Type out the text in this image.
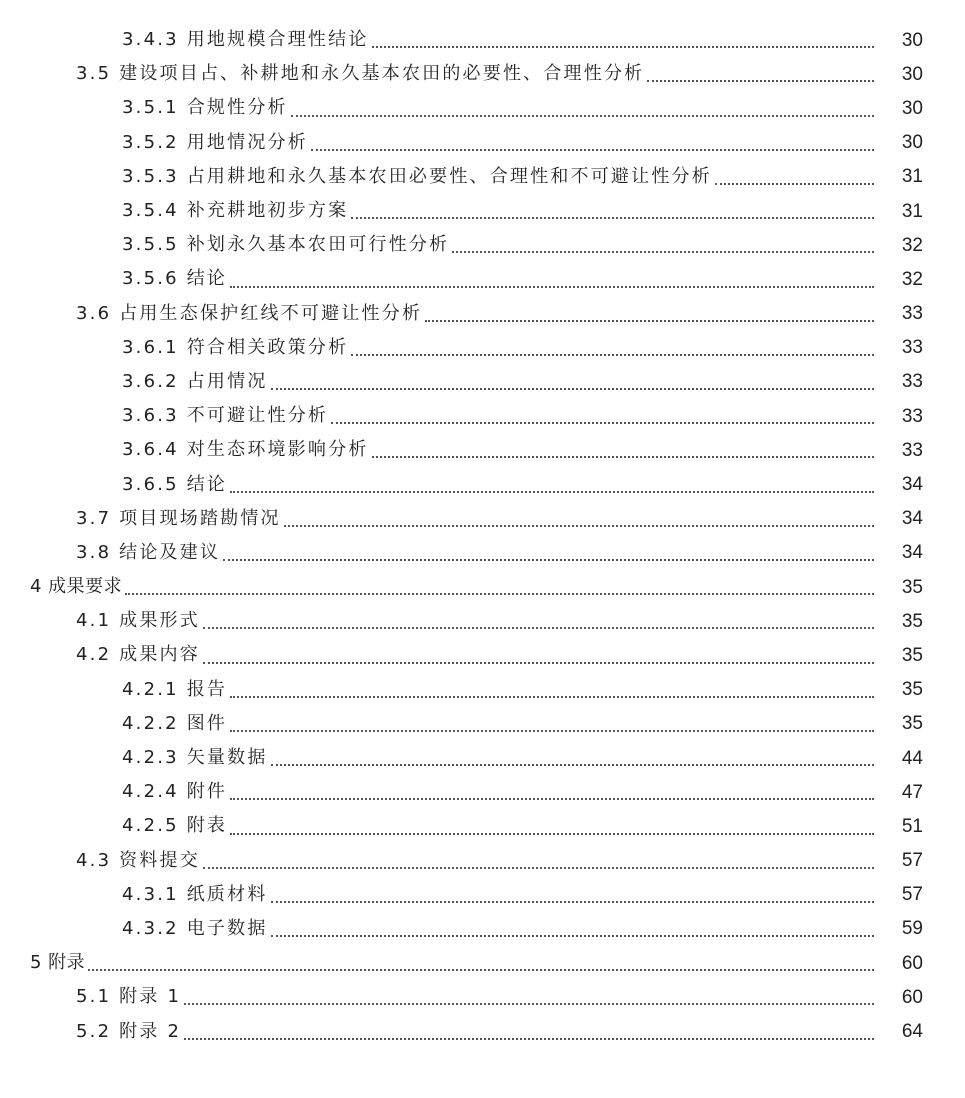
3.4.3 用地规模合理性结论	30
3.5 建设项目占、补耕地和永久基本农田的必要性、合理性分析	30
3.5.1 合规性分析	30
3.5.2 用地情况分析	30
3.5.3 占用耕地和永久基本农田必要性、合理性和不可避让性分析	31
3.5.4 补充耕地初步方案	31
3.5.5 补划永久基本农田可行性分析	32
3.5.6 结论	32
3.6 占用生态保护红线不可避让性分析	33
3.6.1 符合相关政策分析	33
3.6.2 占用情况	33
3.6.3 不可避让性分析	33
3.6.4 对生态环境影响分析	33
3.6.5 结论	34
3.7 项目现场踏勘情况	34
3.8 结论及建议	34
4 成果要求	35
4.1 成果形式	35
4.2 成果内容	35
4.2.1 报告	35
4.2.2 图件	35
4.2.3 矢量数据	44
4.2.4 附件	47
4.2.5 附表	51
4.3 资料提交	57
4.3.1 纸质材料	57
4.3.2 电子数据	59
5 附录	60
5.1 附录 1	60
5.2 附录 2	64
